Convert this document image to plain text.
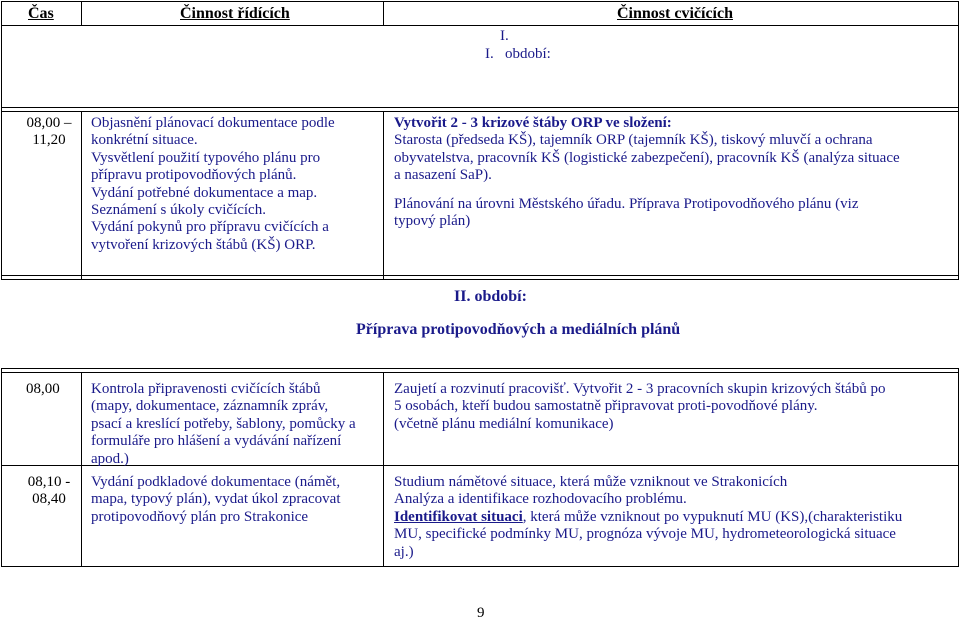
Čas	Činnost řídících	Činnost cvičících
I.
I.   období:
08,00 –
11,20
Objasnění plánovací dokumentace podle
konkrétní situace.
Vysvětlení použití typového plánu pro
přípravu protipovodňových plánů.
Vydání potřebné dokumentace a map.
Seznámení s úkoly cvičících.
Vydání pokynů pro přípravu cvičících a
vytvoření krizových štábů (KŠ) ORP.
Vytvořit 2 - 3 krizové štáby ORP ve složení:
Starosta (předseda KŠ), tajemník ORP (tajemník KŠ), tiskový mluvčí a ochrana
obyvatelstva, pracovník KŠ (logistické zabezpečení), pracovník KŠ (analýza situace
a nasazení SaP).
Plánování na úrovni Městského úřadu. Příprava Protipovodňového plánu (viz
typový plán)
II. období:
Příprava protipovodňových a mediálních plánů
08,00 Kontrola připravenosti cvičících štábů
(mapy, dokumentace, záznamník zpráv,
psací a kreslící potřeby, šablony, pomůcky a
formuláře pro hlášení a vydávání nařízení
apod.)
Zaujetí a rozvinutí pracovišť. Vytvořit 2 - 3 pracovních skupin krizových štábů po
5 osobách, kteří budou samostatně připravovat proti-povodňové plány.
(včetně plánu mediální komunikace)
08,10 -
08,40
Vydání podkladové dokumentace (námět,
mapa, typový plán), vydat úkol zpracovat
protipovodňový plán pro Strakonice
Studium námětové situace, která může vzniknout ve Strakonicích
Analýza a identifikace rozhodovacího problému.
Identifikovat situaci, která může vzniknout po vypuknutí MU (KS),(charakteristiku
MU, specifické podmínky MU, prognóza vývoje MU, hydrometeorologická situace
aj.)
9
